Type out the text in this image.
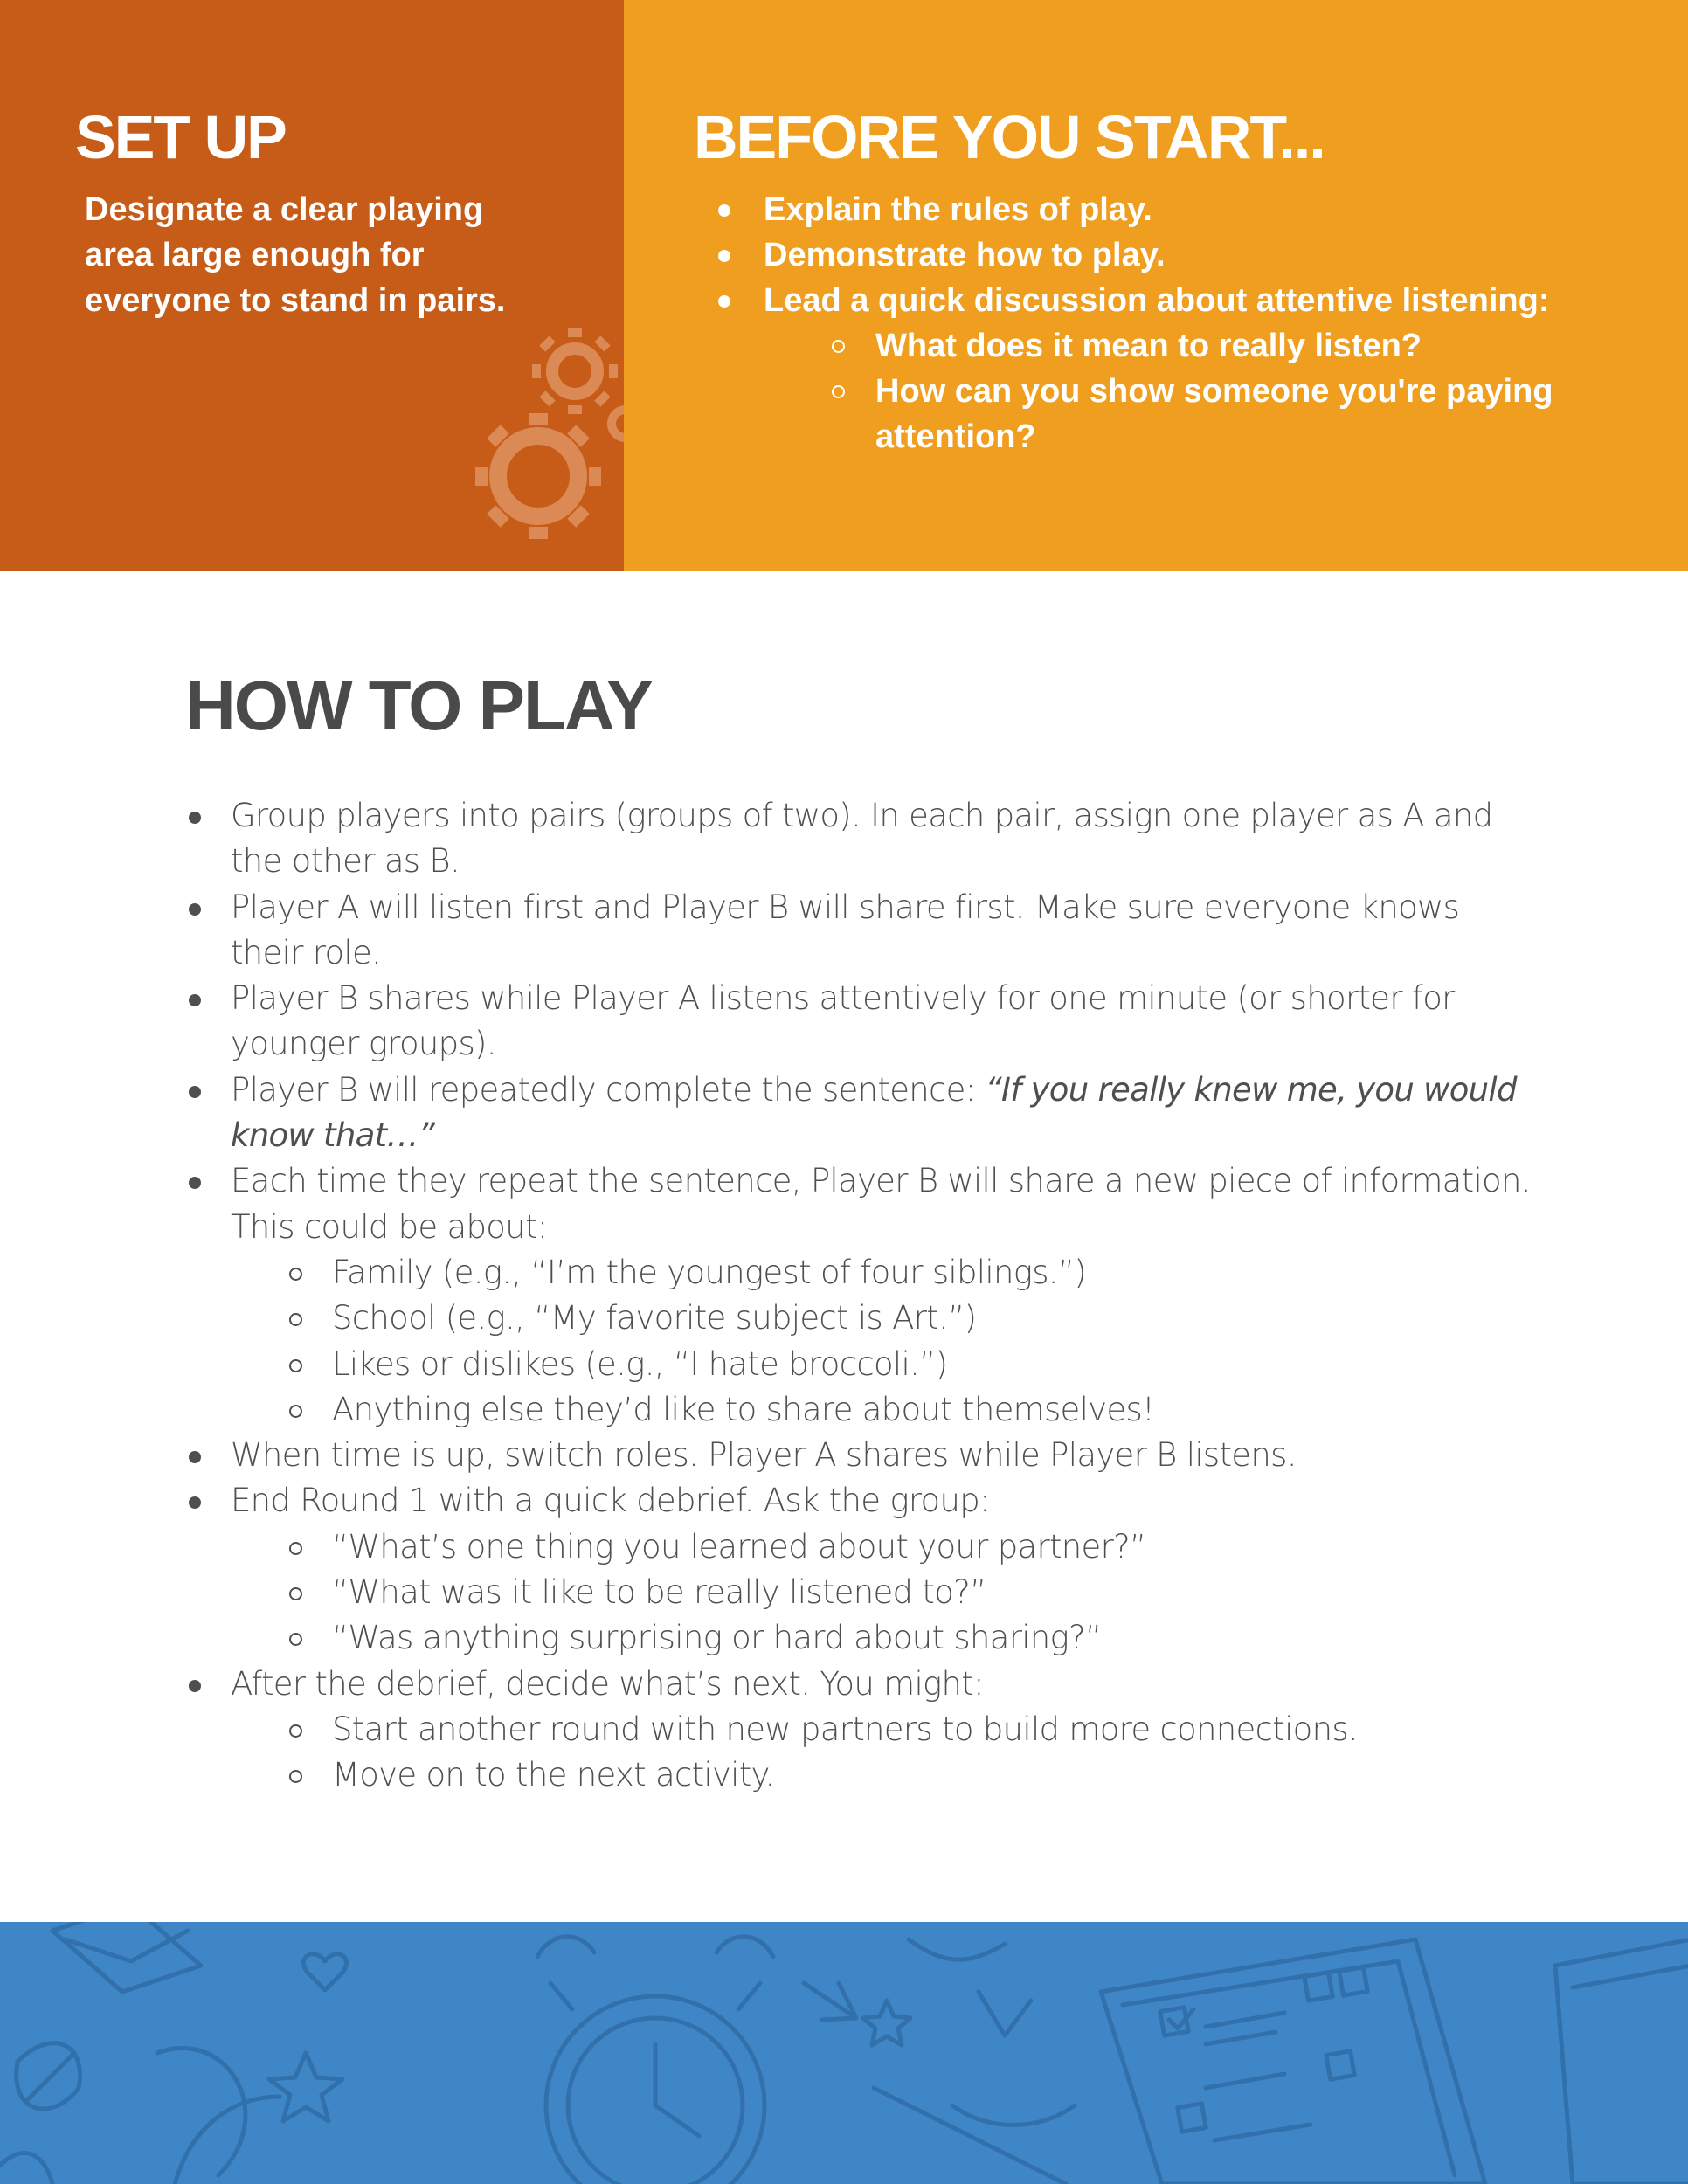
SET UP

Designate a clear playing area large enough for everyone to stand in pairs.

BEFORE YOU START...
Explain the rules of play.
Demonstrate how to play.
Lead a quick discussion about attentive listening:
What does it mean to really listen?
How can you show someone you're paying attention?
HOW TO PLAY
Group players into pairs (groups of two). In each pair, assign one player as A and the other as B.
Player A will listen first and Player B will share first. Make sure everyone knows their role.
Player B shares while Player A listens attentively for one minute (or shorter for younger groups).
Player B will repeatedly complete the sentence: “If you really knew me, you would know that…”
Each time they repeat the sentence, Player B will share a new piece of information. This could be about:
Family (e.g., “I’m the youngest of four siblings.”)
School (e.g., “My favorite subject is Art.”)
Likes or dislikes (e.g., “I hate broccoli.”)
Anything else they’d like to share about themselves!
When time is up, switch roles. Player A shares while Player B listens.
End Round 1 with a quick debrief. Ask the group:
“What’s one thing you learned about your partner?”
“What was it like to be really listened to?”
“Was anything surprising or hard about sharing?”
After the debrief, decide what’s next. You might:
Start another round with new partners to build more connections.
Move on to the next activity.
